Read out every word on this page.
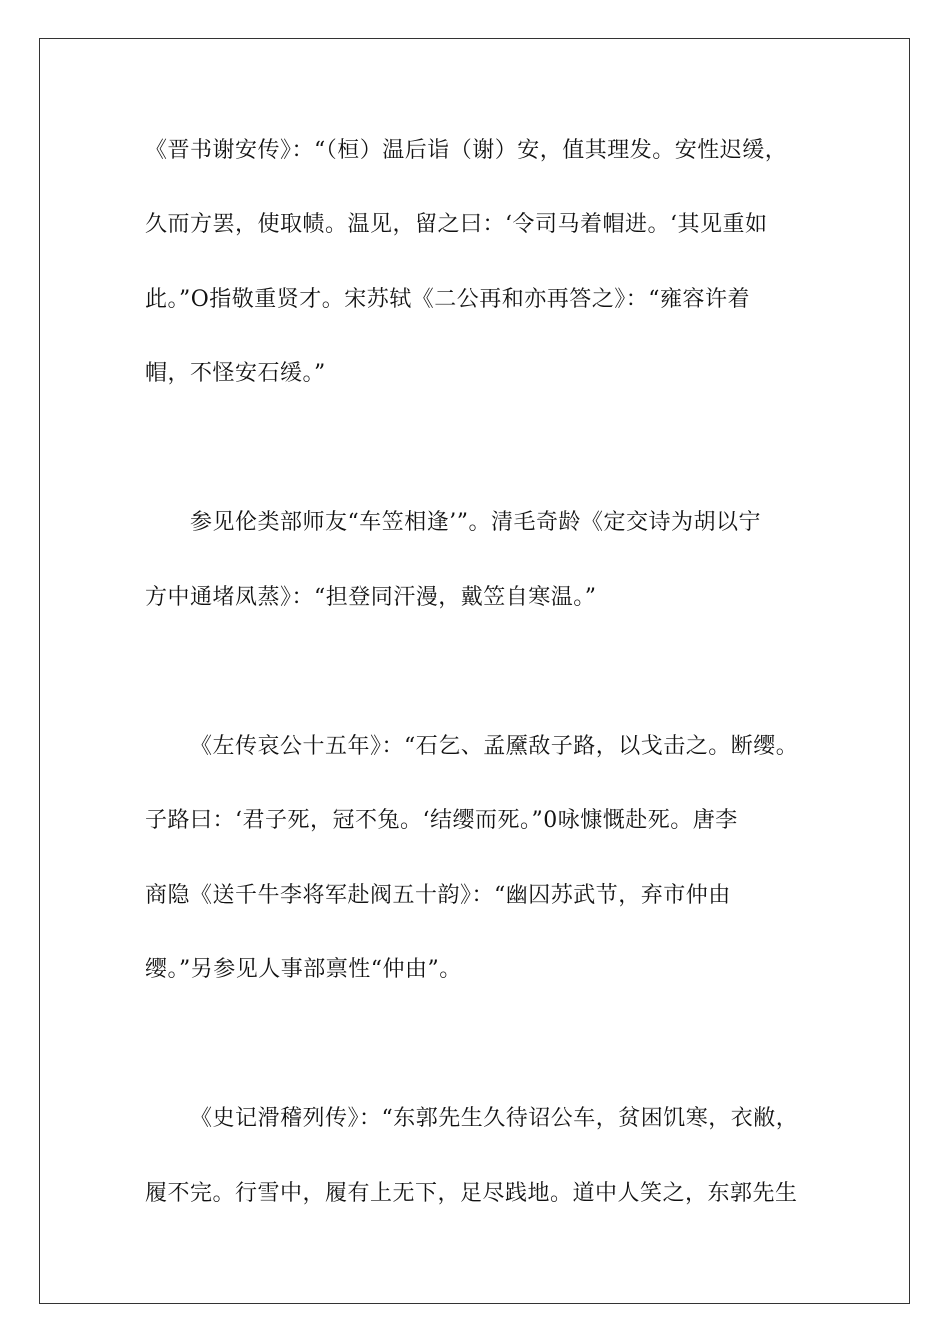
《晋书谢安传》：“（桓）温后诣（谢）安，值其理发。安性迟缓，
久而方罢，使取帻。温见，留之曰：‘令司马着帽进。‘其见重如
此。”O指敬重贤才。宋苏轼《二公再和亦再答之》：“雍容许着
帽，不怪安石缓。”
参见伦类部师友“车笠相逢’”。清毛奇龄《定交诗为胡以宁
方中通堵凤蒸》：“担登同汗漫，戴笠自寒温。”
《左传哀公十五年》：“石乞、孟黡敌子路，以戈击之。断缨。
子路曰：‘君子死，冠不兔。‘结缨而死。”0咏慷慨赴死。唐李
商隐《送千牛李将军赴阀五十韵》：“幽囚苏武节，弃市仲由
缨。”另参见人事部禀性“仲由”。
《史记滑稽列传》：“东郭先生久待诏公车，贫困饥寒，衣敝，
履不完。行雪中，履有上无下，足尽践地。道中人笑之，东郭先生
